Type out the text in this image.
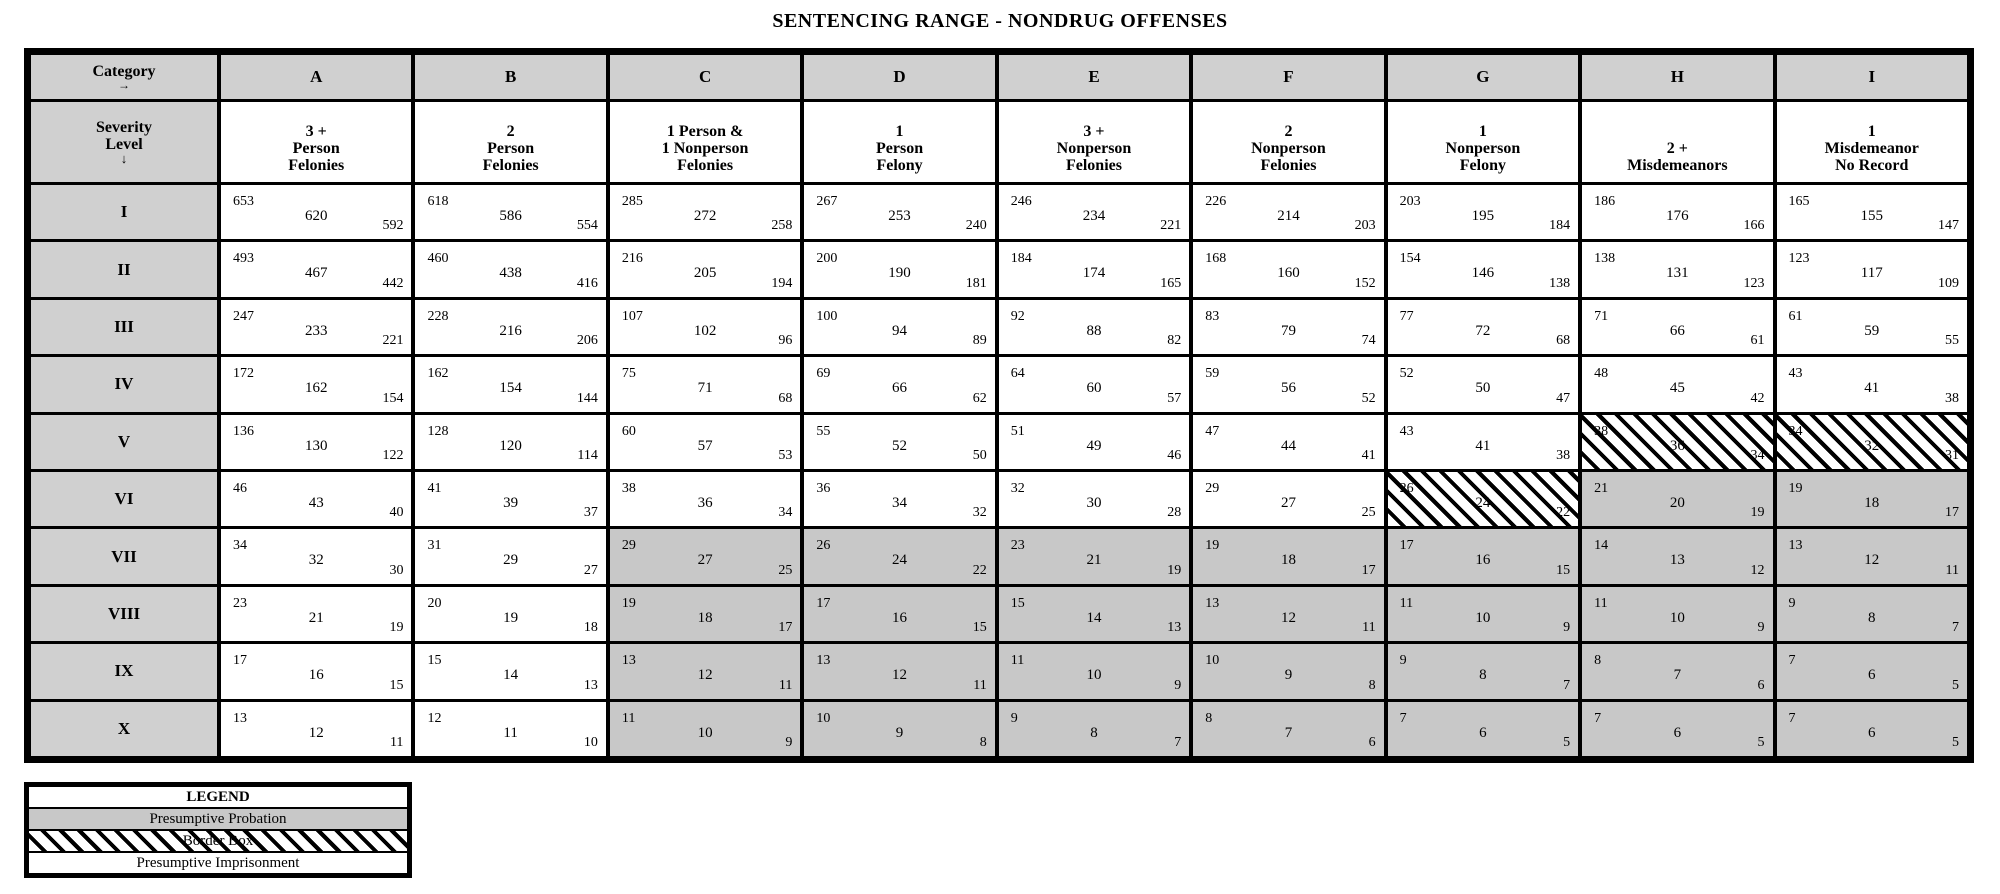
SENTENCING RANGE - NONDRUG OFFENSES
Category
→
Severity
Level
↓
A
3 +
Person
Felonies
B
2
Person
Felonies
C
1 Person &
1 Nonperson
Felonies
D
1
Person
Felony
E
3 +
Nonperson
Felonies
F
2
Nonperson
Felonies
G
1
Nonperson
Felony
H
2 +
Misdemeanors
I
1
Misdemeanor
No Record
I
653
620
592
618
586
554
285
272
258
267
253
240
246
234
221
226
214
203
203
195
184
186
176
166
165
155
147
II
493
467
442
460
438
416
216
205
194
200
190
181
184
174
165
168
160
152
154
146
138
138
131
123
123
117
109
III
247
233
221
228
216
206
107
102
96
100
94
89
92
88
82
83
79
74
77
72
68
71
66
61
61
59
55
IV
172
162
154
162
154
144
75
71
68
69
66
62
64
60
57
59
56
52
52
50
47
48
45
42
43
41
38
V
136
130
122
128
120
114
60
57
53
55
52
50
51
49
46
47
44
41
43
41
38
38
36
34
34
32
31
VI
46
43
40
41
39
37
38
36
34
36
34
32
32
30
28
29
27
25
26
24
22
21
20
19
19
18
17
VII
34
32
30
31
29
27
29
27
25
26
24
22
23
21
19
19
18
17
17
16
15
14
13
12
13
12
11
VIII
23
21
19
20
19
18
19
18
17
17
16
15
15
14
13
13
12
11
11
10
9
11
10
9
9
8
7
IX
17
16
15
15
14
13
13
12
11
13
12
11
11
10
9
10
9
8
9
8
7
8
7
6
7
6
5
X
13
12
11
12
11
10
11
10
9
10
9
8
9
8
7
8
7
6
7
6
5
7
6
5
7
6
5
LEGEND
Presumptive Probation
Border Box
Presumptive Imprisonment
